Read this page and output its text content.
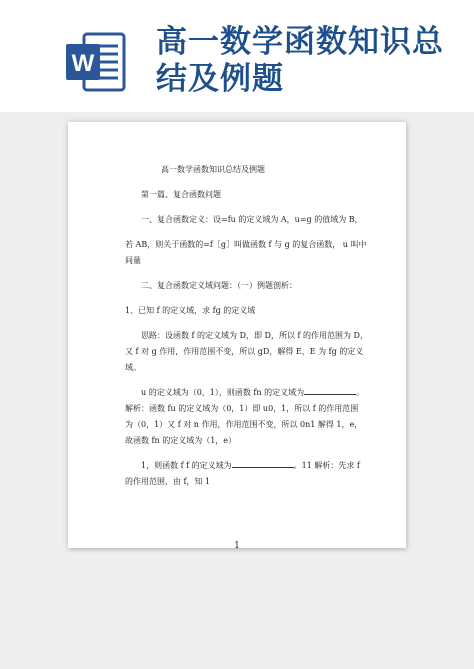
W
高一数学函数知识总结及例题

高一数学函数知识总结及例题

第一篇、复合函数问题

一、复合函数定义：设=fu 的定义域为 A，u=g 的值域为 B，

若 AB，则关于函数的=f［g］叫做函数 f 与 g 的复合函数， u 叫中

间量

二、复合函数定义域问题：（一）例题剖析：

1、已知 f 的定义域，求 fg 的定义域

思路：设函数 f 的定义域为 D，即 D，所以 f 的作用范围为 D，

又 f 对 g 作用，作用范围不变，所以 gD，解得 E，E 为 fg 的定义

域。

u 的定义域为（0，1），则函数 fn 的定义域为	。

解析：函数 fu 的定义域为（0，1）即 u0，1，所以 f 的作用范围

为（0，1）又 f 对 n 作用，作用范围不变，所以 0n1 解得 1，e，

故函数 fn 的定义域为（1，e）

1，则函数 f f 的定义域为	。11 解析：先求 f

的作用范围，由 f，知 1

1
